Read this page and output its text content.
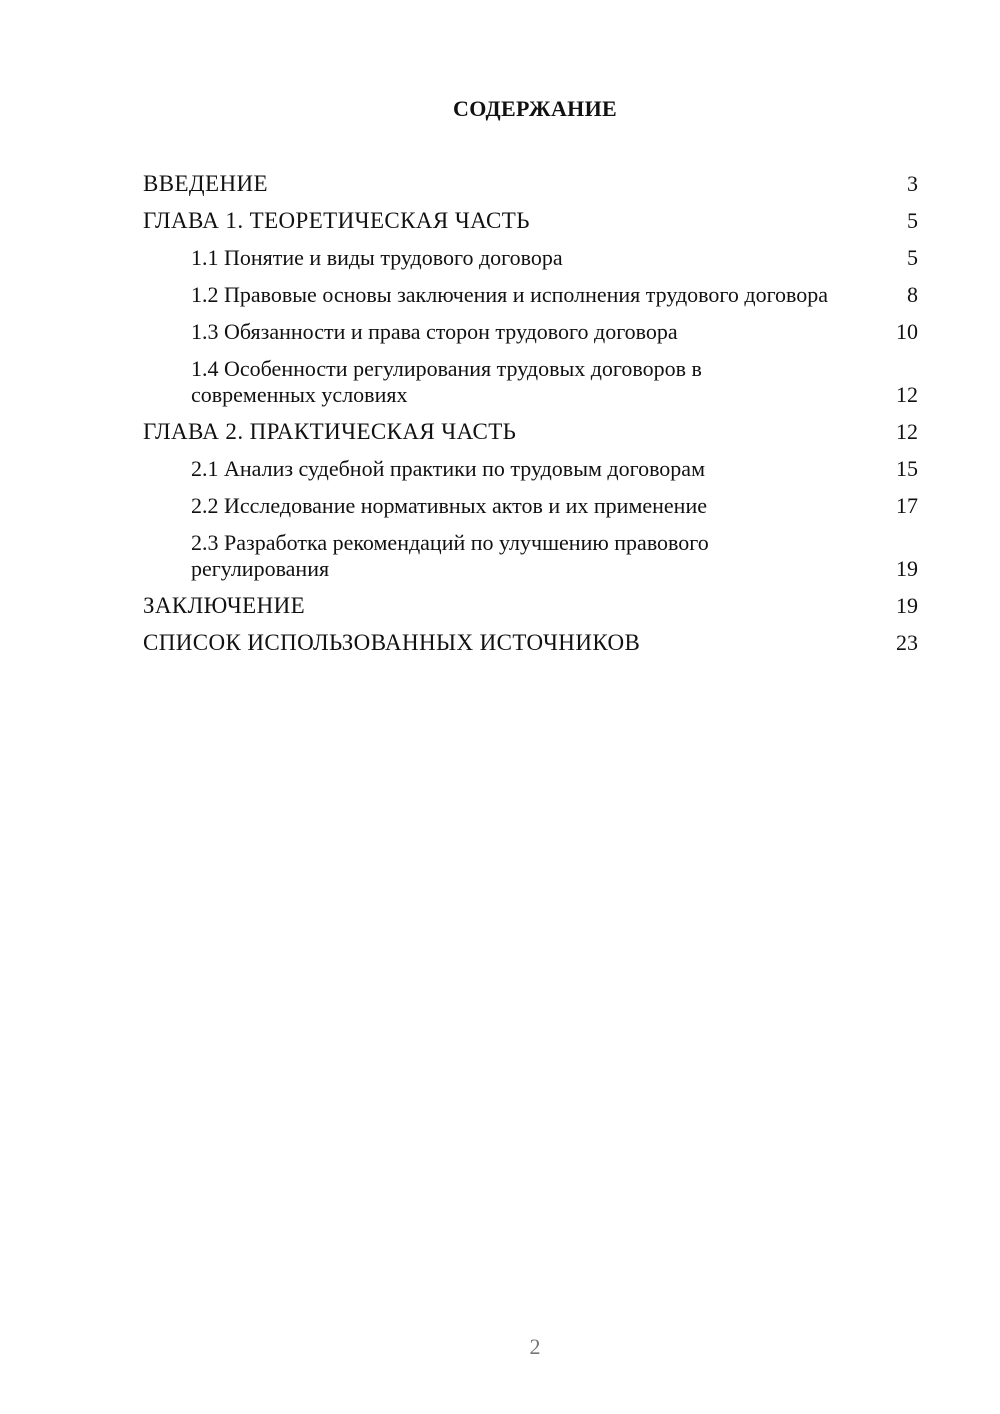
СОДЕРЖАНИЕ
ВВЕДЕНИЕ	3
ГЛАВА 1. ТЕОРЕТИЧЕСКАЯ ЧАСТЬ	5
1.1 Понятие и виды трудового договора	5
1.2 Правовые основы заключения и исполнения трудового договора	8
1.3 Обязанности и права сторон трудового договора	10
1.4 Особенности регулирования трудовых договоров в современных условиях	12
ГЛАВА 2. ПРАКТИЧЕСКАЯ ЧАСТЬ	12
2.1 Анализ судебной практики по трудовым договорам	15
2.2 Исследование нормативных актов и их применение	17
2.3 Разработка рекомендаций по улучшению правового регулирования	19
ЗАКЛЮЧЕНИЕ	19
СПИСОК ИСПОЛЬЗОВАННЫХ ИСТОЧНИКОВ	23
2
